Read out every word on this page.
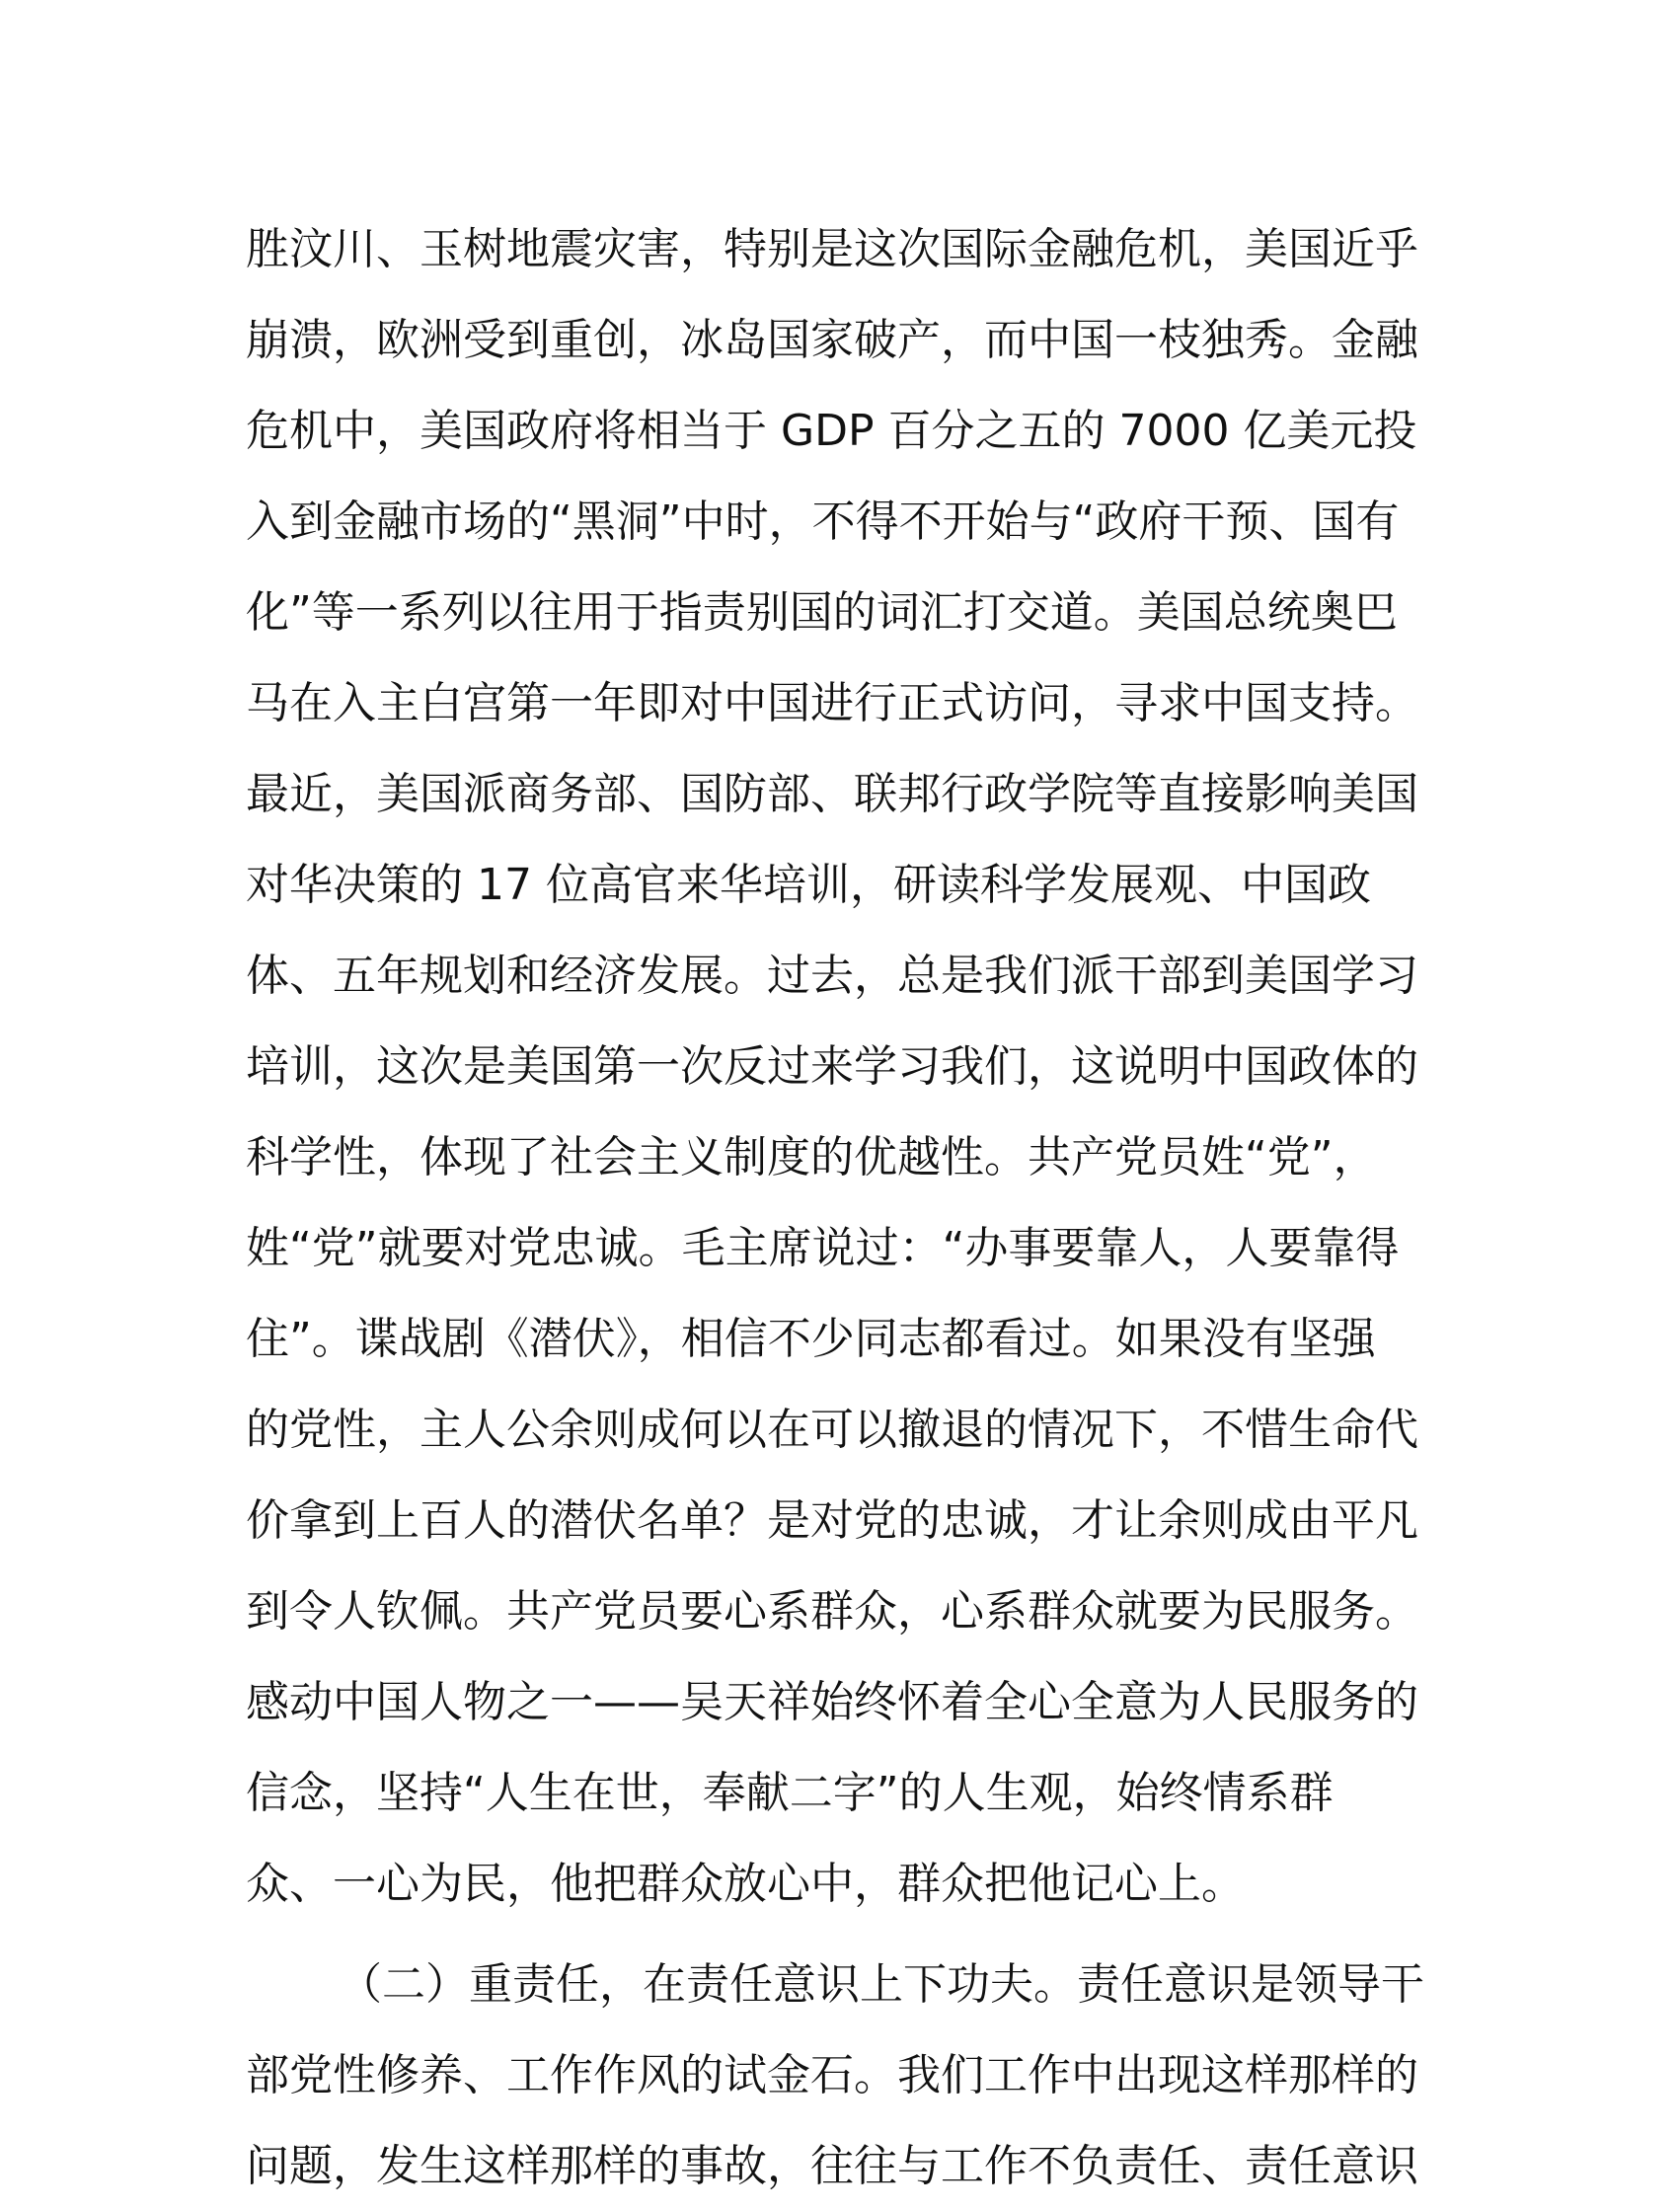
胜汶川、玉树地震灾害，特别是这次国际金融危机，美国近乎
崩溃，欧洲受到重创，冰岛国家破产，而中国一枝独秀。金融
危机中，美国政府将相当于 GDP 百分之五的 7000 亿美元投
入到金融市场的“黑洞”中时，不得不开始与“政府干预、国有
化”等一系列以往用于指责别国的词汇打交道。美国总统奥巴
马在入主白宫第一年即对中国进行正式访问，寻求中国支持。
最近，美国派商务部、国防部、联邦行政学院等直接影响美国
对华决策的 17 位高官来华培训，研读科学发展观、中国政
体、五年规划和经济发展。过去，总是我们派干部到美国学习
培训，这次是美国第一次反过来学习我们，这说明中国政体的
科学性，体现了社会主义制度的优越性。共产党员姓“党”，
姓“党”就要对党忠诚。毛主席说过：“办事要靠人，人要靠得
住”。谍战剧《潜伏》，相信不少同志都看过。如果没有坚强
的党性，主人公余则成何以在可以撤退的情况下，不惜生命代
价拿到上百人的潜伏名单？是对党的忠诚，才让余则成由平凡
到令人钦佩。共产党员要心系群众，心系群众就要为民服务。
感动中国人物之一——吴天祥始终怀着全心全意为人民服务的
信念，坚持“人生在世，奉献二字”的人生观，始终情系群
众、一心为民，他把群众放心中，群众把他记心上。
（二）重责任，在责任意识上下功夫。责任意识是领导干
部党性修养、工作作风的试金石。我们工作中出现这样那样的
问题，发生这样那样的事故，往往与工作不负责任、责任意识
